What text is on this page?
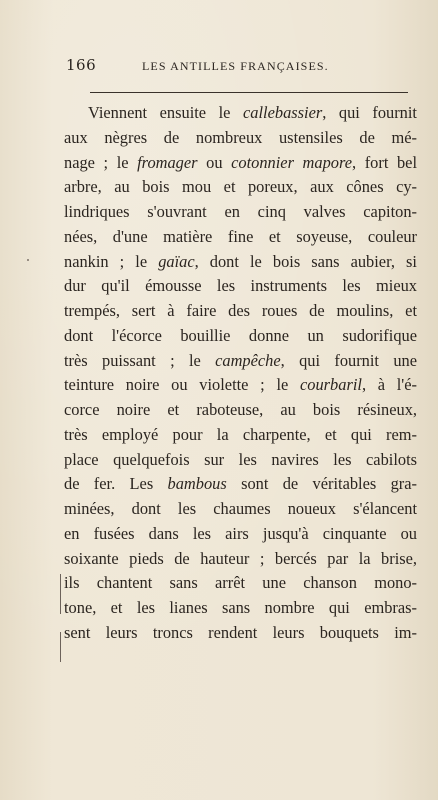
166	LES ANTILLES FRANÇAISES.
Viennent ensuite le callebassier, qui fournit
aux nègres de nombreux ustensiles de mé-
nage ; le fromager ou cotonnier mapore, fort bel
arbre, au bois mou et poreux, aux cônes cy-
lindriques s'ouvrant en cinq valves capiton-
nées, d'une matière fine et soyeuse, couleur
nankin ; le gaïac, dont le bois sans aubier, si
dur qu'il émousse les instruments les mieux
trempés, sert à faire des roues de moulins, et
dont l'écorce bouillie donne un sudorifique
très puissant ; le campêche, qui fournit une
teinture noire ou violette ; le courbaril, à l'é-
corce noire et raboteuse, au bois résineux,
très employé pour la charpente, et qui rem-
place quelquefois sur les navires les cabilots
de fer. Les bambous sont de véritables gra-
minées, dont les chaumes noueux s'élancent
en fusées dans les airs jusqu'à cinquante ou
soixante pieds de hauteur ; bercés par la brise,
ils chantent sans arrêt une chanson mono-
tone, et les lianes sans nombre qui embras-
sent leurs troncs rendent leurs bouquets im-
